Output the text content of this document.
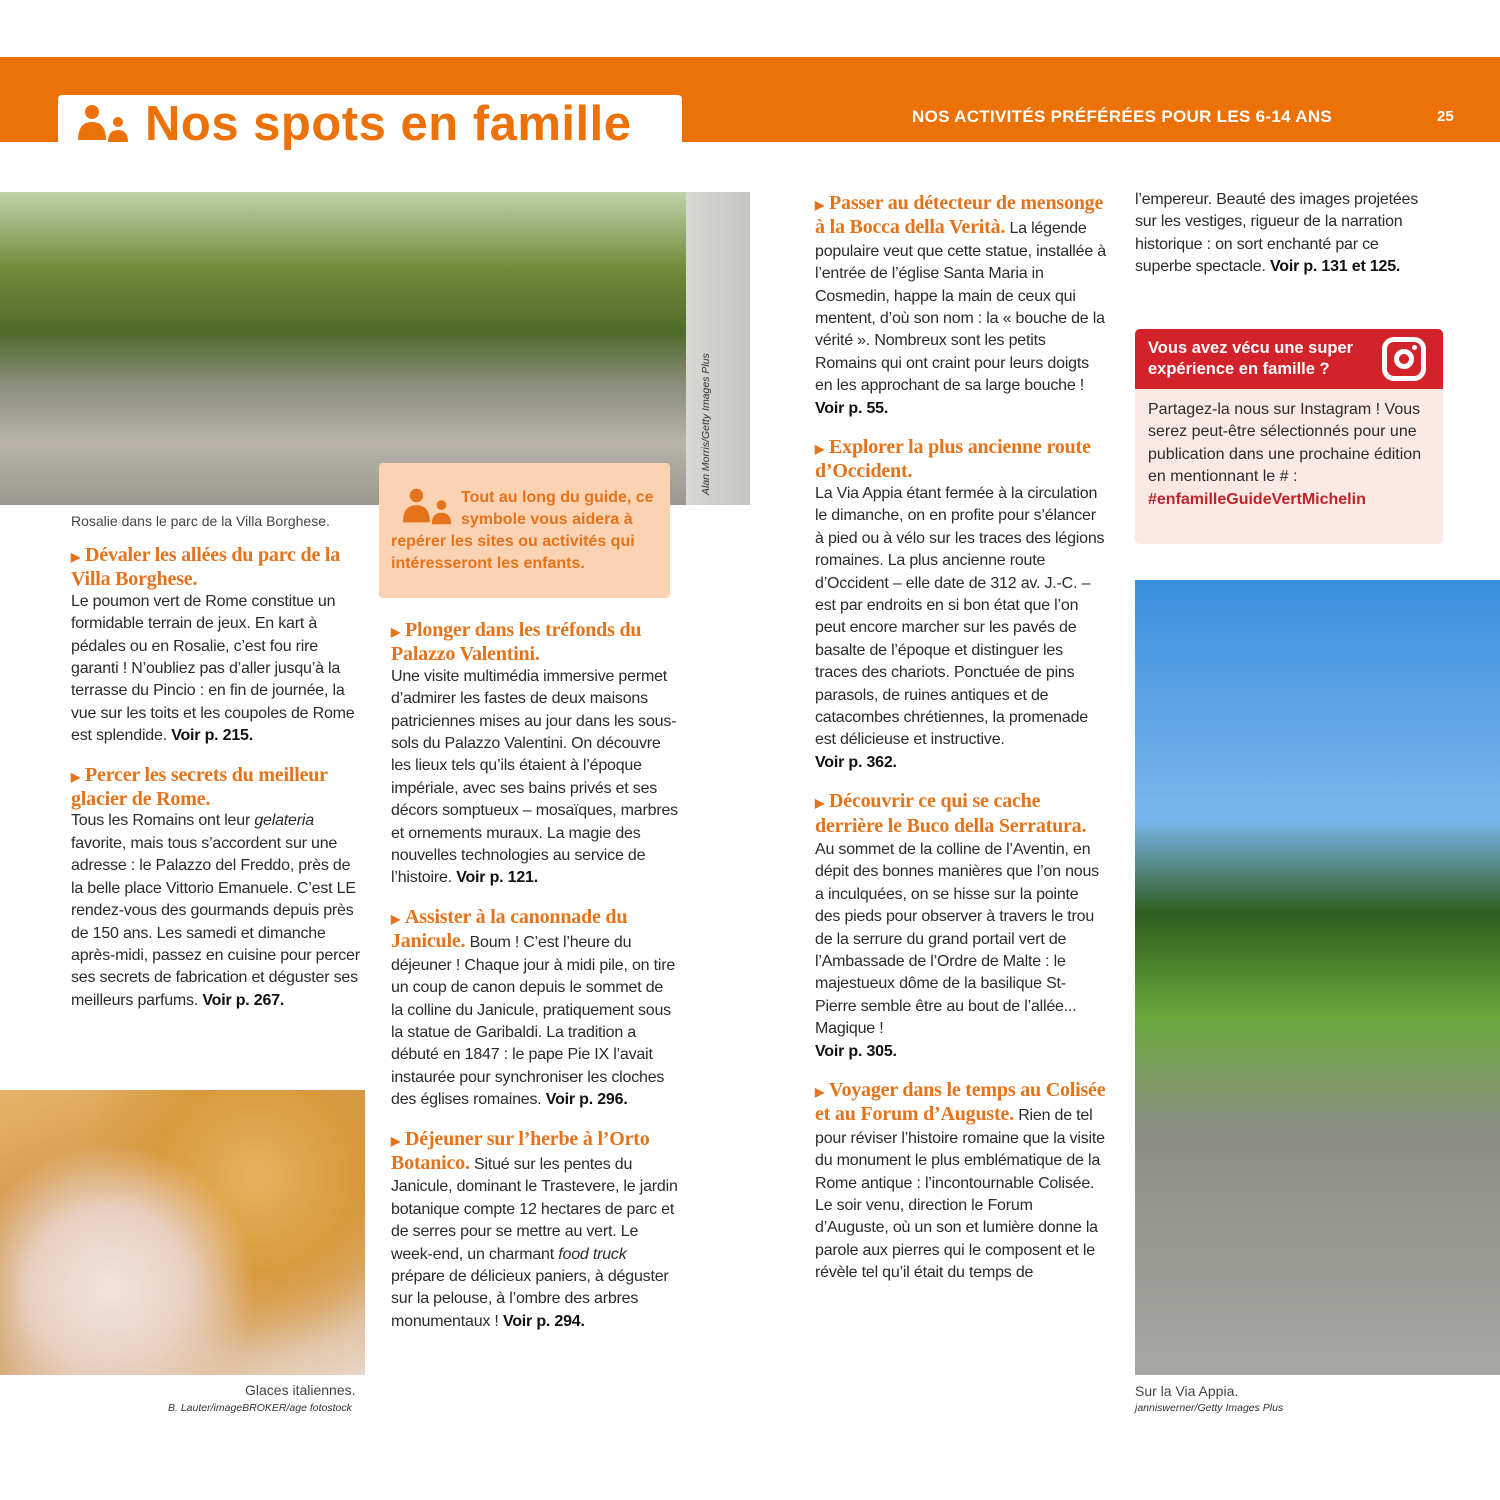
Nos spots en famille	NOS ACTIVITÉS PRÉFÉRÉES POUR LES 6-14 ANS	25
Alan Morris/Getty Images Plus
Rosalie dans le parc de la Villa Borghese.
Tout au long du guide, ce symbole vous aidera à repérer les sites ou activités qui intéresseront les enfants.
Glaces italiennes.
B. Lauter/imageBROKER/age fotostock
Sur la Via Appia.
janniswerner/Getty Images Plus
▶ Dévaler les allées du parc de la Villa Borghese.
Le poumon vert de Rome constitue un formidable terrain de jeux. En kart à pédales ou en Rosalie, c’est fou rire garanti ! N’oubliez pas d’aller jusqu’à la terrasse du Pincio : en fin de journée, la vue sur les toits et les coupoles de Rome est splendide. Voir p. 215.
▶ Percer les secrets du meilleur glacier de Rome.
Tous les Romains ont leur gelateria favorite, mais tous s’accordent sur une adresse : le Palazzo del Freddo, près de la belle place Vittorio Emanuele. C’est LE rendez-vous des gourmands depuis près de 150 ans. Les samedi et dimanche après-midi, passez en cuisine pour percer ses secrets de fabrication et déguster ses meilleurs parfums. Voir p. 267.
▶ Plonger dans les tréfonds du Palazzo Valentini.
Une visite multimédia immersive permet d’admirer les fastes de deux maisons patriciennes mises au jour dans les sous-sols du Palazzo Valentini. On découvre les lieux tels qu’ils étaient à l’époque impériale, avec ses bains privés et ses décors somptueux – mosaïques, marbres et ornements muraux. La magie des nouvelles technologies au service de l’histoire. Voir p. 121.
▶ Assister à la canonnade du Janicule. Boum ! C’est l’heure du déjeuner ! Chaque jour à midi pile, on tire un coup de canon depuis le sommet de la colline du Janicule, pratiquement sous la statue de Garibaldi. La tradition a débuté en 1847 : le pape Pie IX l’avait instaurée pour synchroniser les cloches des églises romaines. Voir p. 296.
▶ Déjeuner sur l’herbe à l’Orto Botanico. Situé sur les pentes du Janicule, dominant le Trastevere, le jardin botanique compte 12 hectares de parc et de serres pour se mettre au vert. Le week-end, un charmant food truck prépare de délicieux paniers, à déguster sur la pelouse, à l’ombre des arbres monumentaux ! Voir p. 294.
▶ Passer au détecteur de mensonge à la Bocca della Verità. La légende populaire veut que cette statue, installée à l’entrée de l’église Santa Maria in Cosmedin, happe la main de ceux qui mentent, d’où son nom : la « bouche de la vérité ». Nombreux sont les petits Romains qui ont craint pour leurs doigts en les approchant de sa large bouche ! Voir p. 55.
▶ Explorer la plus ancienne route d’Occident.
La Via Appia étant fermée à la circulation le dimanche, on en profite pour s’élancer à pied ou à vélo sur les traces des légions romaines. La plus ancienne route d’Occident – elle date de 312 av. J.-C. – est par endroits en si bon état que l’on peut encore marcher sur les pavés de basalte de l’époque et distinguer les traces des chariots. Ponctuée de pins parasols, de ruines antiques et de catacombes chrétiennes, la promenade est délicieuse et instructive.
Voir p. 362.
▶ Découvrir ce qui se cache derrière le Buco della Serratura. Au sommet de la colline de l’Aventin, en dépit des bonnes manières que l’on nous a inculquées, on se hisse sur la pointe des pieds pour observer à travers le trou de la serrure du grand portail vert de l’Ambassade de l’Ordre de Malte : le majestueux dôme de la basilique St-Pierre semble être au bout de l’allée... Magique !
Voir p. 305.
▶ Voyager dans le temps au Colisée et au Forum d’Auguste. Rien de tel pour réviser l’histoire romaine que la visite du monument le plus emblématique de la Rome antique : l’incontournable Colisée. Le soir venu, direction le Forum d’Auguste, où un son et lumière donne la parole aux pierres qui le composent et le révèle tel qu’il était du temps de
l’empereur. Beauté des images projetées sur les vestiges, rigueur de la narration historique : on sort enchanté par ce superbe spectacle. Voir p. 131 et 125.
Vous avez vécu une super expérience en famille ?
Partagez-la nous sur Instagram ! Vous serez peut-être sélectionnés pour une publication dans une prochaine édition en mentionnant le # : #enfamilleGuideVertMichelin
